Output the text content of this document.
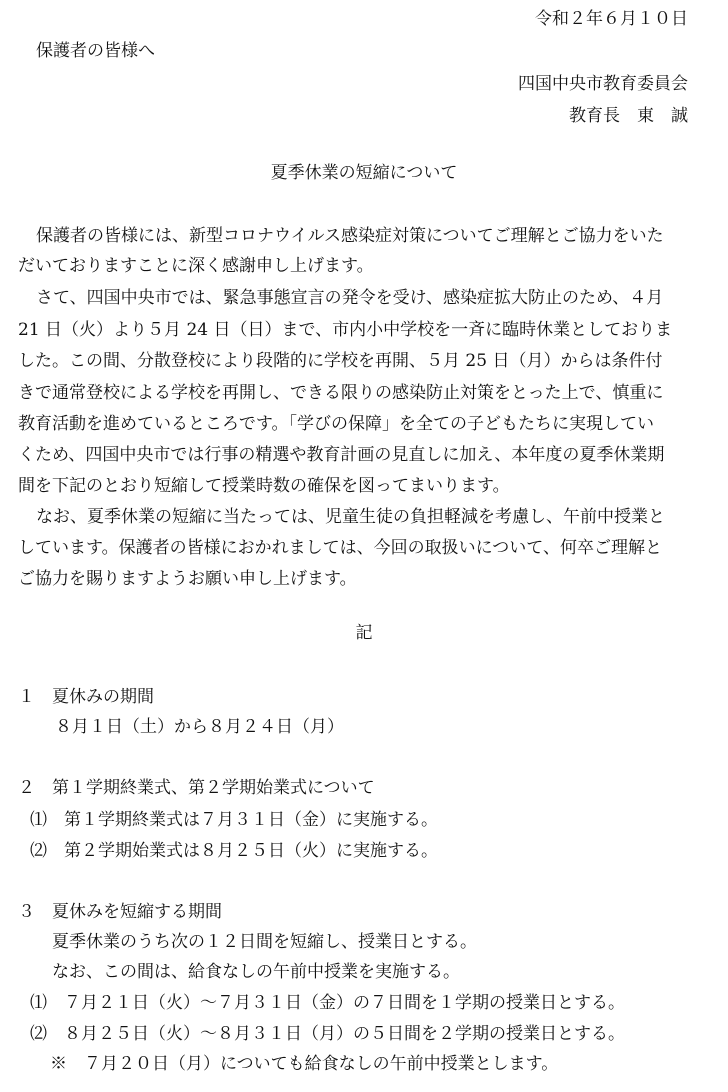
令和２年６月１０日
保護者の皆様へ
四国中央市教育委員会
教育長　東　誠
夏季休業の短縮について
保護者の皆様には、新型コロナウイルス感染症対策についてご理解とご協力をいた
だいておりますことに深く感謝申し上げます。
さて、四国中央市では、緊急事態宣言の発令を受け、感染症拡大防止のため、４月
21 日（火）より５月 24 日（日）まで、市内小中学校を一斉に臨時休業としておりま
した。この間、分散登校により段階的に学校を再開、５月 25 日（月）からは条件付
きで通常登校による学校を再開し、できる限りの感染防止対策をとった上で、慎重に
教育活動を進めているところです。「学びの保障」を全ての子どもたちに実現してい
くため、四国中央市では行事の精選や教育計画の見直しに加え、本年度の夏季休業期
間を下記のとおり短縮して授業時数の確保を図ってまいります。
なお、夏季休業の短縮に当たっては、児童生徒の負担軽減を考慮し、午前中授業と
しています。保護者の皆様におかれましては、今回の取扱いについて、何卒ご理解と
ご協力を賜りますようお願い申し上げます。
記
１　夏休みの期間
８月１日（土）から８月２４日（月）
２　第１学期終業式、第２学期始業式について
⑴　第１学期終業式は７月３１日（金）に実施する。
⑵　第２学期始業式は８月２５日（火）に実施する。
３　夏休みを短縮する期間
夏季休業のうち次の１２日間を短縮し、授業日とする。
なお、この間は、給食なしの午前中授業を実施する。
⑴　７月２１日（火）～７月３１日（金）の７日間を１学期の授業日とする。
⑵　８月２５日（火）～８月３１日（月）の５日間を２学期の授業日とする。
※　７月２０日（月）についても給食なしの午前中授業とします。
